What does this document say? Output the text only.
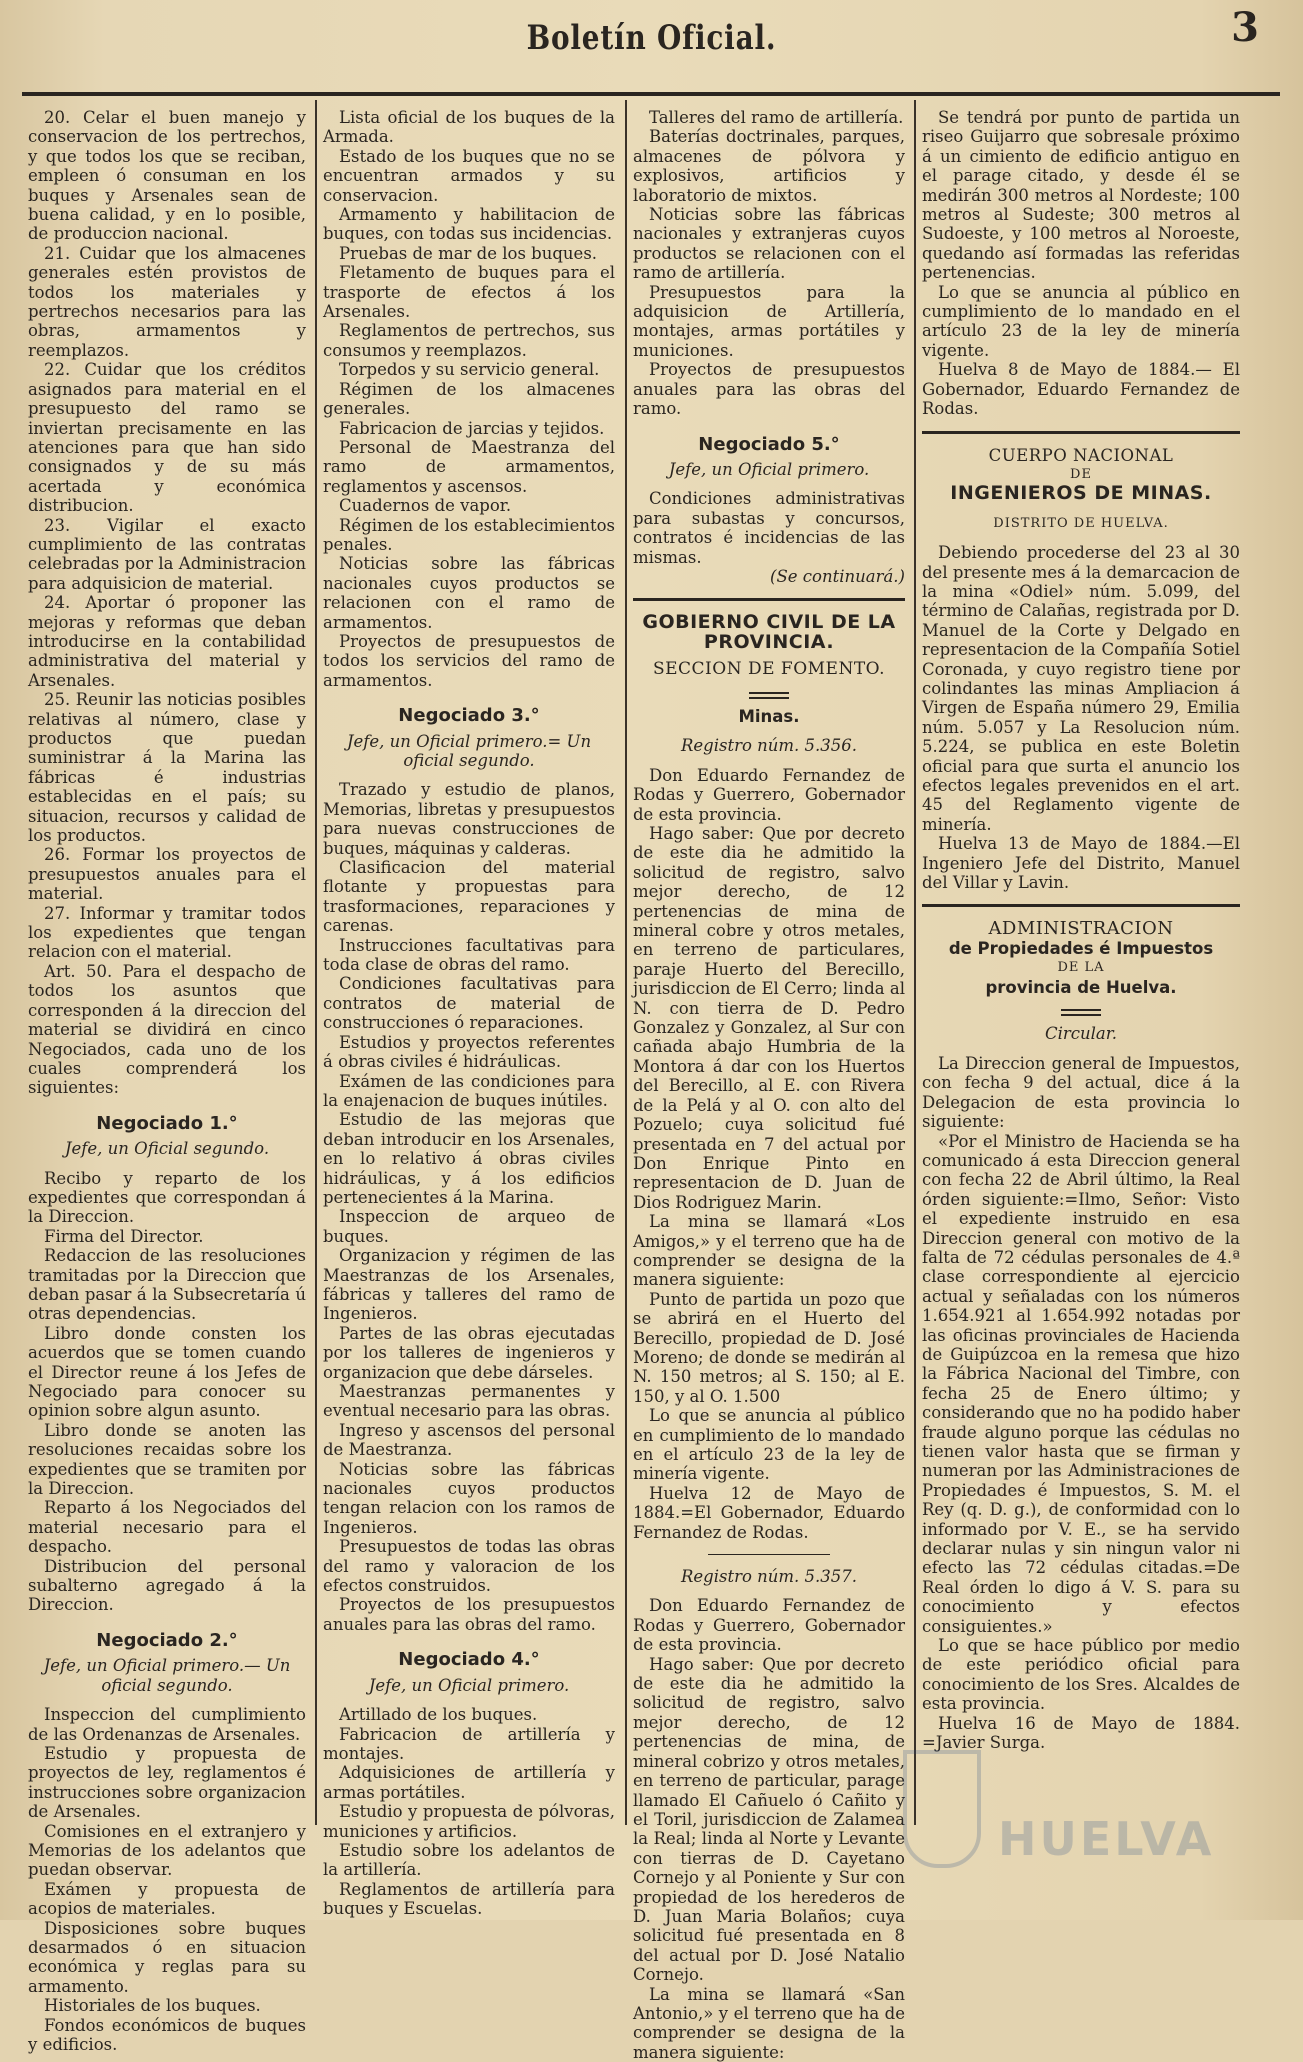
Boletín Oficial.	3

20. Celar el buen manejo y conservacion de los pertrechos, y que todos los que se reciban, empleen ó consuman en los buques y Arsenales sean de buena calidad, y en lo posible, de produccion nacional.

21. Cuidar que los almacenes generales estén provistos de todos los materiales y pertrechos necesarios para las obras, armamentos y reemplazos.

22. Cuidar que los créditos asignados para material en el presupuesto del ramo se inviertan precisamente en las atenciones para que han sido consignados y de su más acertada y económica distribucion.

23. Vigilar el exacto cumplimiento de las contratas celebradas por la Administracion para adquisicion de material.

24. Aportar ó proponer las mejoras y reformas que deban introducirse en la contabilidad administrativa del material y Arsenales.

25. Reunir las noticias posibles relativas al número, clase y productos que puedan suministrar á la Marina las fábricas é industrias establecidas en el país; su situacion, recursos y calidad de los productos.

26. Formar los proyectos de presupuestos anuales para el material.

27. Informar y tramitar todos los expedientes que tengan relacion con el material.

Art. 50. Para el despacho de todos los asuntos que corresponden á la direccion del material se dividirá en cinco Negociados, cada uno de los cuales comprenderá los siguientes:

Negociado 1.°

Jefe, un Oficial segundo.

Recibo y reparto de los expedientes que correspondan á la Direccion.

Firma del Director.

Redaccion de las resoluciones tramitadas por la Direccion que deban pasar á la Subsecretaría ú otras dependencias.

Libro donde consten los acuerdos que se tomen cuando el Director reune á los Jefes de Negociado para conocer su opinion sobre algun asunto.

Libro donde se anoten las resoluciones recaidas sobre los expedientes que se tramiten por la Direccion.

Reparto á los Negociados del material necesario para el despacho.

Distribucion del personal subalterno agregado á la Direccion.

Negociado 2.°

Jefe, un Oficial primero.— Un oficial segundo.

Inspeccion del cumplimiento de las Ordenanzas de Arsenales.

Estudio y propuesta de proyectos de ley, reglamentos é instrucciones sobre organizacion de Arsenales.

Comisiones en el extranjero y Memorias de los adelantos que puedan observar.

Exámen y propuesta de acopios de materiales.

Disposiciones sobre buques desarmados ó en situacion económica y reglas para su armamento.

Historiales de los buques.

Fondos económicos de buques y edificios.

Lista oficial de los buques de la Armada.

Estado de los buques que no se encuentran armados y su conservacion.

Armamento y habilitacion de buques, con todas sus incidencias.

Pruebas de mar de los buques.

Fletamento de buques para el trasporte de efectos á los Arsenales.

Reglamentos de pertrechos, sus consumos y reemplazos.

Torpedos y su servicio general.

Régimen de los almacenes generales.

Fabricacion de jarcias y tejidos.

Personal de Maestranza del ramo de armamentos, reglamentos y ascensos.

Cuadernos de vapor.

Régimen de los establecimientos penales.

Noticias sobre las fábricas nacionales cuyos productos se relacionen con el ramo de armamentos.

Proyectos de presupuestos de todos los servicios del ramo de armamentos.

Negociado 3.°

Jefe, un Oficial primero.= Un oficial segundo.

Trazado y estudio de planos, Memorias, libretas y presupuestos para nuevas construcciones de buques, máquinas y calderas.

Clasificacion del material flotante y propuestas para trasformaciones, reparaciones y carenas.

Instrucciones facultativas para toda clase de obras del ramo.

Condiciones facultativas para contratos de material de construcciones ó reparaciones.

Estudios y proyectos referentes á obras civiles é hidráulicas.

Exámen de las condiciones para la enajenacion de buques inútiles.

Estudio de las mejoras que deban introducir en los Arsenales, en lo relativo á obras civiles hidráulicas, y á los edificios pertenecientes á la Marina.

Inspeccion de arqueo de buques.

Organizacion y régimen de las Maestranzas de los Arsenales, fábricas y talleres del ramo de Ingenieros.

Partes de las obras ejecutadas por los talleres de ingenieros y organizacion que debe dárseles.

Maestranzas permanentes y eventual necesario para las obras.

Ingreso y ascensos del personal de Maestranza.

Noticias sobre las fábricas nacionales cuyos productos tengan relacion con los ramos de Ingenieros.

Presupuestos de todas las obras del ramo y valoracion de los efectos construidos.

Proyectos de los presupuestos anuales para las obras del ramo.

Negociado 4.°

Jefe, un Oficial primero.

Artillado de los buques.

Fabricacion de artillería y montajes.

Adquisiciones de artillería y armas portátiles.

Estudio y propuesta de pólvoras, municiones y artificios.

Estudio sobre los adelantos de la artillería.

Reglamentos de artillería para buques y Escuelas.

Talleres del ramo de artillería.

Baterías doctrinales, parques, almacenes de pólvora y explosivos, artificios y laboratorio de mixtos.

Noticias sobre las fábricas nacionales y extranjeras cuyos productos se relacionen con el ramo de artillería.

Presupuestos para la adquisicion de Artillería, montajes, armas portátiles y municiones.

Proyectos de presupuestos anuales para las obras del ramo.

Negociado 5.°

Jefe, un Oficial primero.

Condiciones administrativas para subastas y concursos, contratos é incidencias de las mismas.

(Se continuará.)

GOBIERNO CIVIL DE LA PROVINCIA.

SECCION DE FOMENTO.

Minas.

Registro núm. 5.356.

Don Eduardo Fernandez de Rodas y Guerrero, Gobernador de esta provincia.

Hago saber: Que por decreto de este dia he admitido la solicitud de registro, salvo mejor derecho, de 12 pertenencias de mina de mineral cobre y otros metales, en terreno de particulares, paraje Huerto del Berecillo, jurisdiccion de El Cerro; linda al N. con tierra de D. Pedro Gonzalez y Gonzalez, al Sur con cañada abajo Humbria de la Montora á dar con los Huertos del Berecillo, al E. con Rivera de la Pelá y al O. con alto del Pozuelo; cuya solicitud fué presentada en 7 del actual por Don Enrique Pinto en representacion de D. Juan de Dios Rodriguez Marin.

La mina se llamará «Los Amigos,» y el terreno que ha de comprender se designa de la manera siguiente:

Punto de partida un pozo que se abrirá en el Huerto del Berecillo, propiedad de D. José Moreno; de donde se medirán al N. 150 metros; al S. 150; al E. 150, y al O. 1.500

Lo que se anuncia al público en cumplimiento de lo mandado en el artículo 23 de la ley de minería vigente.

Huelva 12 de Mayo de 1884.=El Gobernador, Eduardo Fernandez de Rodas.

Registro núm. 5.357.

Don Eduardo Fernandez de Rodas y Guerrero, Gobernador de esta provincia.

Hago saber: Que por decreto de este dia he admitido la solicitud de registro, salvo mejor derecho, de 12 pertenencias de mina, de mineral cobrizo y otros metales, en terreno de particular, parage llamado El Cañuelo ó Cañito y el Toril, jurisdiccion de Zalamea la Real; linda al Norte y Levante con tierras de D. Cayetano Cornejo y al Poniente y Sur con propiedad de los herederos de D. Juan Maria Bolaños; cuya solicitud fué presentada en 8 del actual por D. José Natalio Cornejo.

La mina se llamará «San Antonio,» y el terreno que ha de comprender se designa de la manera siguiente:

Se tendrá por punto de partida un riseo Guijarro que sobresale próximo á un cimiento de edificio antiguo en el parage citado, y desde él se medirán 300 metros al Nordeste; 100 metros al Sudeste; 300 metros al Sudoeste, y 100 metros al Noroeste, quedando así formadas las referidas pertenencias.

Lo que se anuncia al público en cumplimiento de lo mandado en el artículo 23 de la ley de minería vigente.

Huelva 8 de Mayo de 1884.— El Gobernador, Eduardo Fernandez de Rodas.

CUERPO NACIONAL

DE

INGENIEROS DE MINAS.

DISTRITO DE HUELVA.

Debiendo procederse del 23 al 30 del presente mes á la demarcacion de la mina «Odiel» núm. 5.099, del término de Calañas, registrada por D. Manuel de la Corte y Delgado en representacion de la Compañía Sotiel Coronada, y cuyo registro tiene por colindantes las minas Ampliacion á Virgen de España número 29, Emilia núm. 5.057 y La Resolucion núm. 5.224, se publica en este Boletin oficial para que surta el anuncio los efectos legales prevenidos en el art. 45 del Reglamento vigente de minería.

Huelva 13 de Mayo de 1884.—El Ingeniero Jefe del Distrito, Manuel del Villar y Lavin.

ADMINISTRACION

de Propiedades é Impuestos

DE LA

provincia de Huelva.

Circular.

La Direccion general de Impuestos, con fecha 9 del actual, dice á la Delegacion de esta provincia lo siguiente:

«Por el Ministro de Hacienda se ha comunicado á esta Direccion general con fecha 22 de Abril último, la Real órden siguiente:=Ilmo, Señor: Visto el expediente instruido en esa Direccion general con motivo de la falta de 72 cédulas personales de 4.ª clase correspondiente al ejercicio actual y señaladas con los números 1.654.921 al 1.654.992 notadas por las oficinas provinciales de Hacienda de Guipúzcoa en la remesa que hizo la Fábrica Nacional del Timbre, con fecha 25 de Enero último; y considerando que no ha podido haber fraude alguno porque las cédulas no tienen valor hasta que se firman y numeran por las Administraciones de Propiedades é Impuestos, S. M. el Rey (q. D. g.), de conformidad con lo informado por V. E., se ha servido declarar nulas y sin ningun valor ni efecto las 72 cédulas citadas.=De Real órden lo digo á V. S. para su conocimiento y efectos consiguientes.»

Lo que se hace público por medio de este periódico oficial para conocimiento de los Sres. Alcaldes de esta provincia.

Huelva 16 de Mayo de 1884. =Javier Surga.

HUELVA
